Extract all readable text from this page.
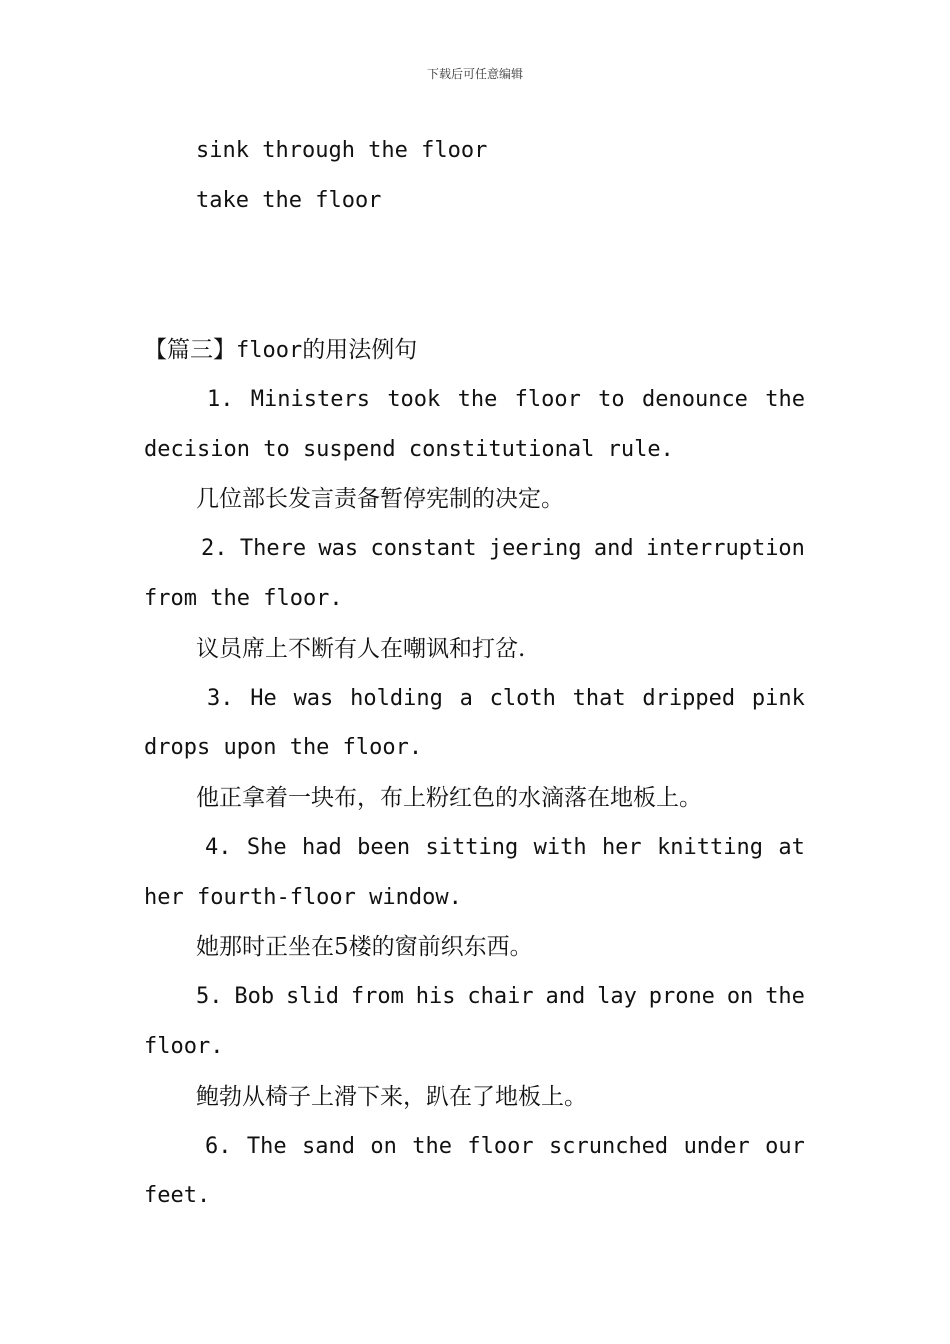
下载后可任意编辑
sink through the floor
take the floor
【篇三】floor的用法例句
1. Ministers took the floor to denounce the
decision to suspend constitutional rule.
几位部长发言责备暂停宪制的决定。
2. There was constant jeering and interruption
from the floor.
议员席上不断有人在嘲讽和打岔.
3. He was holding a cloth that dripped pink
drops upon the floor.
他正拿着一块布，布上粉红色的水滴落在地板上。
4. She had been sitting with her knitting at
her fourth-floor window.
她那时正坐在5楼的窗前织东西。
5. Bob slid from his chair and lay prone on the
floor.
鲍勃从椅子上滑下来，趴在了地板上。
6. The sand on the floor scrunched under our
feet.
